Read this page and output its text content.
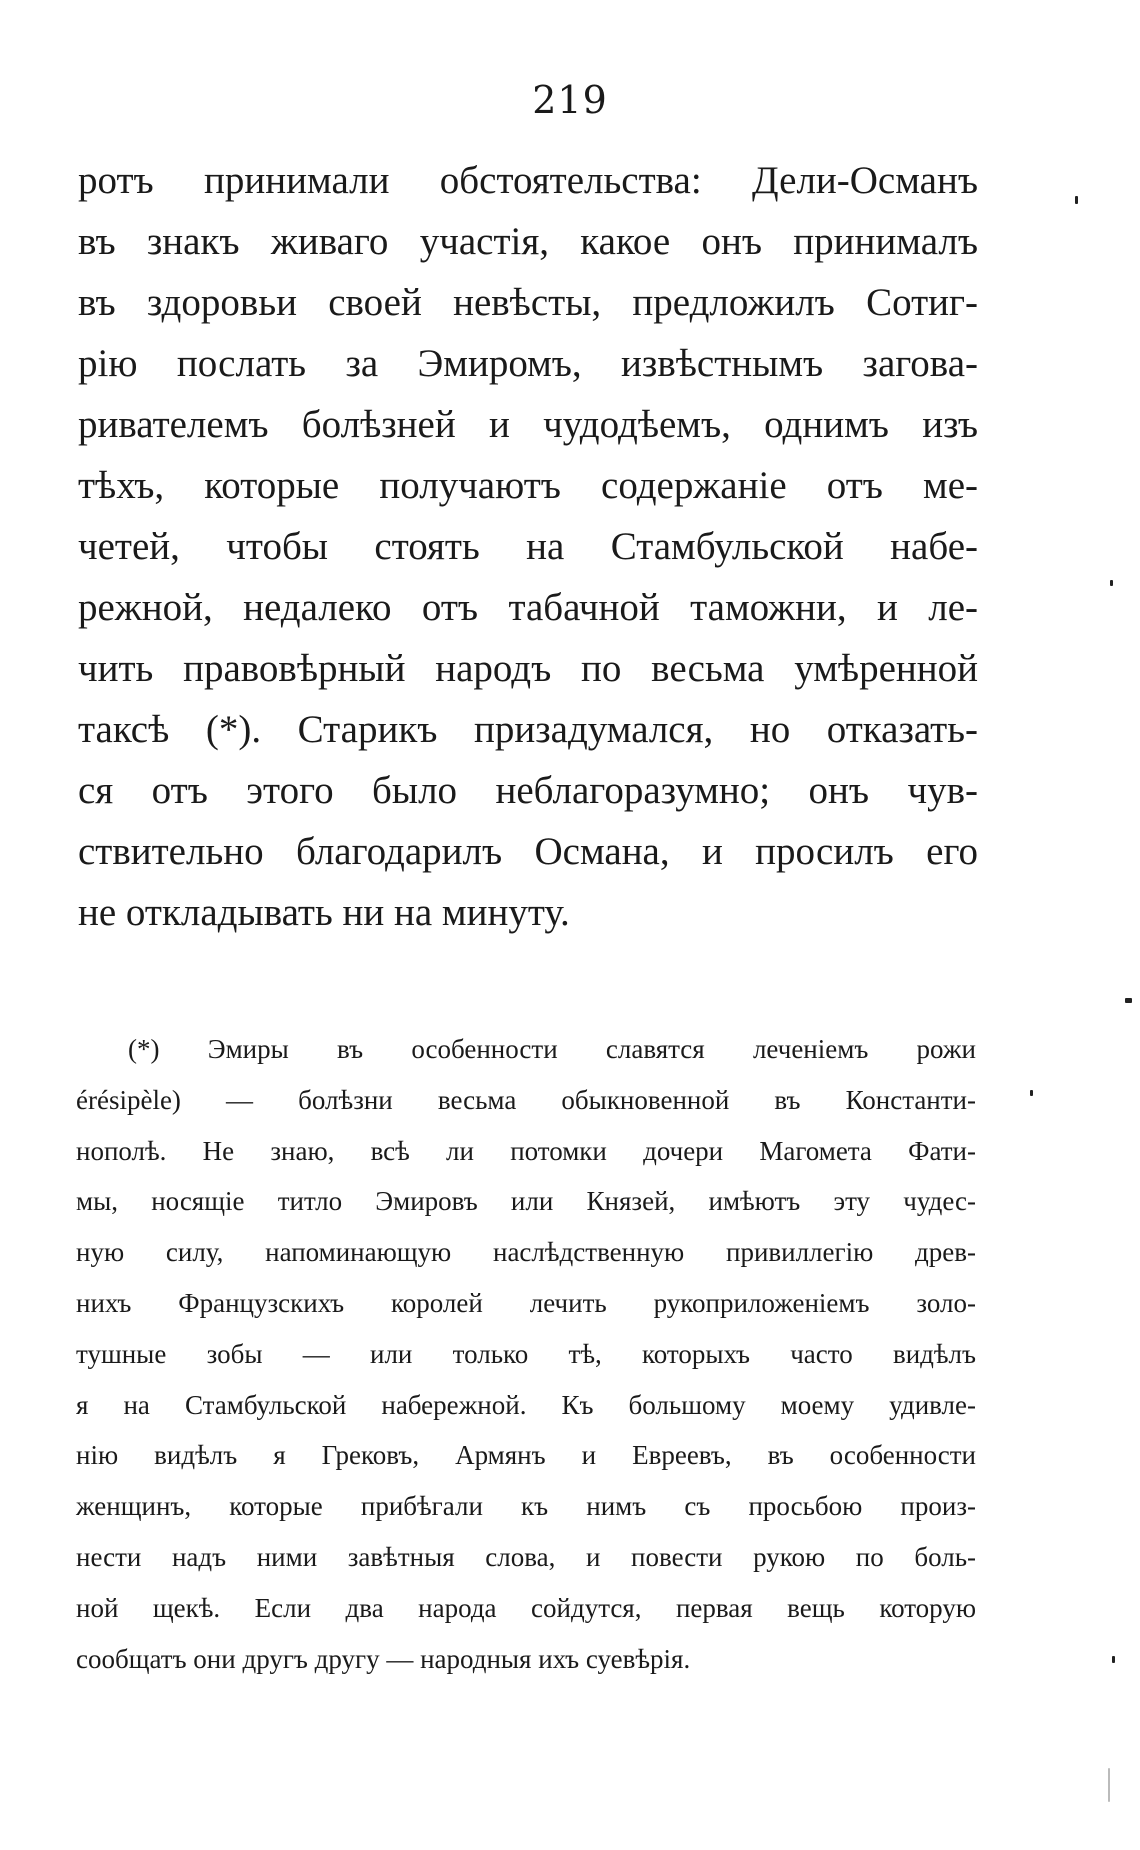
219
ротъ принимали обстоятельства: Дели-Османъ
въ знакъ живаго участія, какое онъ принималъ
въ здоровьи своей невѣсты, предложилъ Сотиг-
рію послать за Эмиромъ, извѣстнымъ загова-
ривателемъ болѣзней и чудодѣемъ, однимъ изъ
тѣхъ, которые получаютъ содержаніе отъ ме-
четей, чтобы стоять на Стамбульской набе-
режной, недалеко отъ табачной таможни, и ле-
чить правовѣрный народъ по весьма умѣренной
таксѣ (*). Старикъ призадумался, но отказать-
ся отъ этого было неблагоразумно; онъ чув-
ствительно благодарилъ Османа, и просилъ его
не откладывать ни на минуту.
(*) Эмиры въ особенности славятся леченіемъ рожи
érésipèle) — болѣзни весьма обыкновенной въ Константи-
нополѣ. Не знаю, всѣ ли потомки дочери Магомета Фати-
мы, носящіе титло Эмировъ или Князей, имѣютъ эту чудес-
ную силу, напоминающую наслѣдственную привиллегію древ-
нихъ Французскихъ королей лечить рукоприложеніемъ золо-
тушные зобы — или только тѣ, которыхъ часто видѣлъ
я на Стамбульской набережной. Къ большому моему удивле-
нію видѣлъ я Грековъ, Армянъ и Евреевъ, въ особенности
женщинъ, которые прибѣгали къ нимъ съ просьбою произ-
нести надъ ними завѣтныя слова, и повести рукою по боль-
ной щекѣ. Если два народа сойдутся, первая вещь которую
сообщатъ они другъ другу — народныя ихъ суевѣрія.
